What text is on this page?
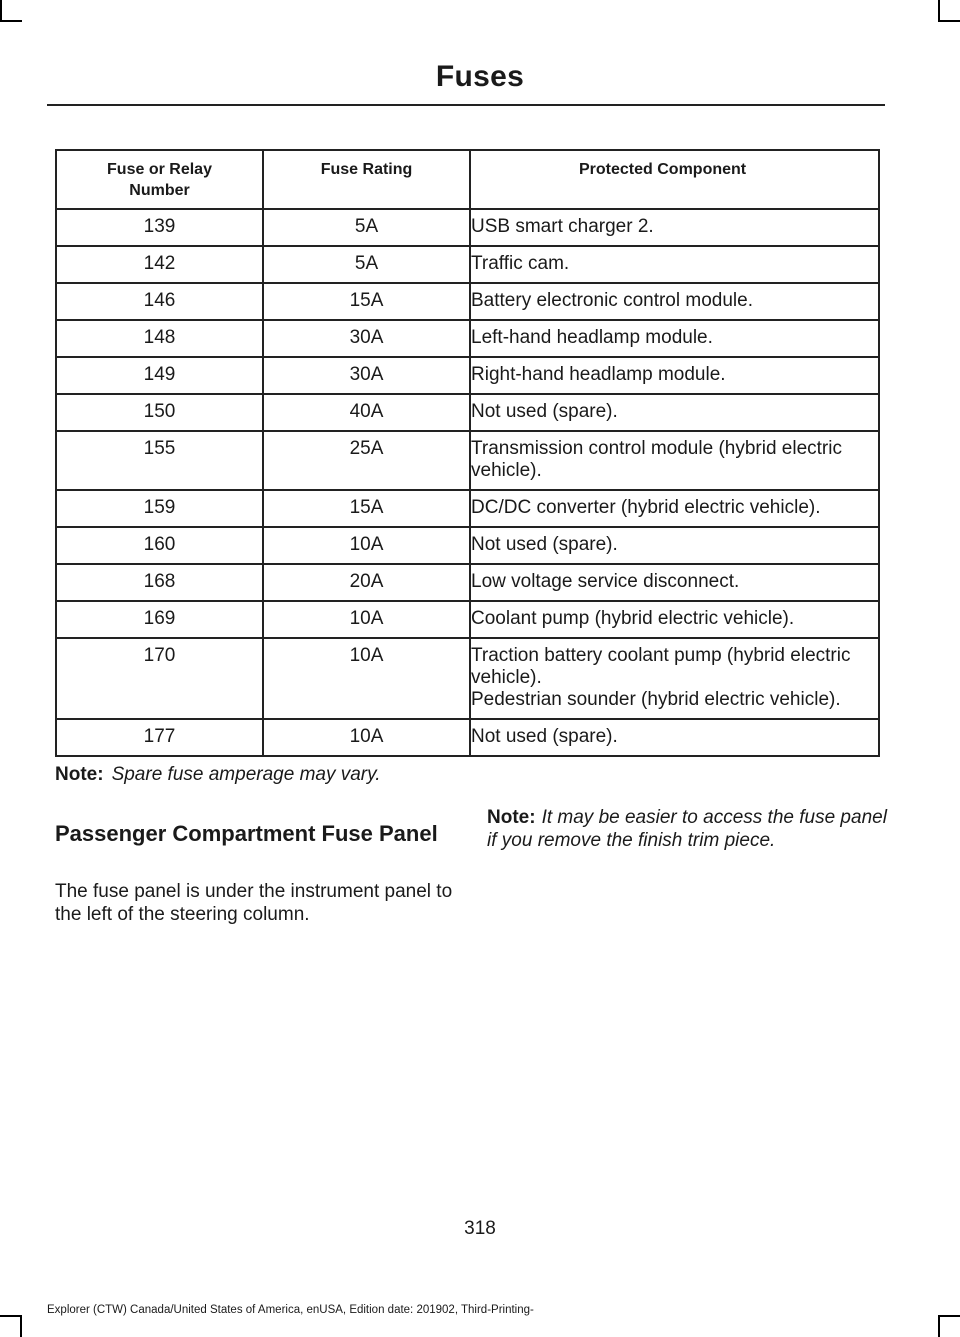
Fuses
Fuse or Relay Number	Fuse Rating	Protected Component
139	5A	USB smart charger 2.

142	5A	Traffic cam.

146	15A	Battery electronic control module.

148	30A	Left-hand headlamp module.

149	30A	Right-hand headlamp module.

150	40A	Not used (spare).

155	25A	Transmission control module (hybrid electric vehicle).

159	15A	DC/DC converter (hybrid electric vehicle).

160	10A	Not used (spare).

168	20A	Low voltage service disconnect.

169	10A	Coolant pump (hybrid electric vehicle).

170	10A	Traction battery coolant pump (hybrid electric vehicle).
Pedestrian sounder (hybrid electric vehicle).

177	10A	Not used (spare).
Note: Spare fuse amperage may vary.
Passenger Compartment Fuse Panel
The fuse panel is under the instrument panel to the left of the steering column.
Note: It may be easier to access the fuse panel if you remove the finish trim piece.
318
Explorer (CTW) Canada/United States of America, enUSA, Edition date: 201902, Third-Printing-
